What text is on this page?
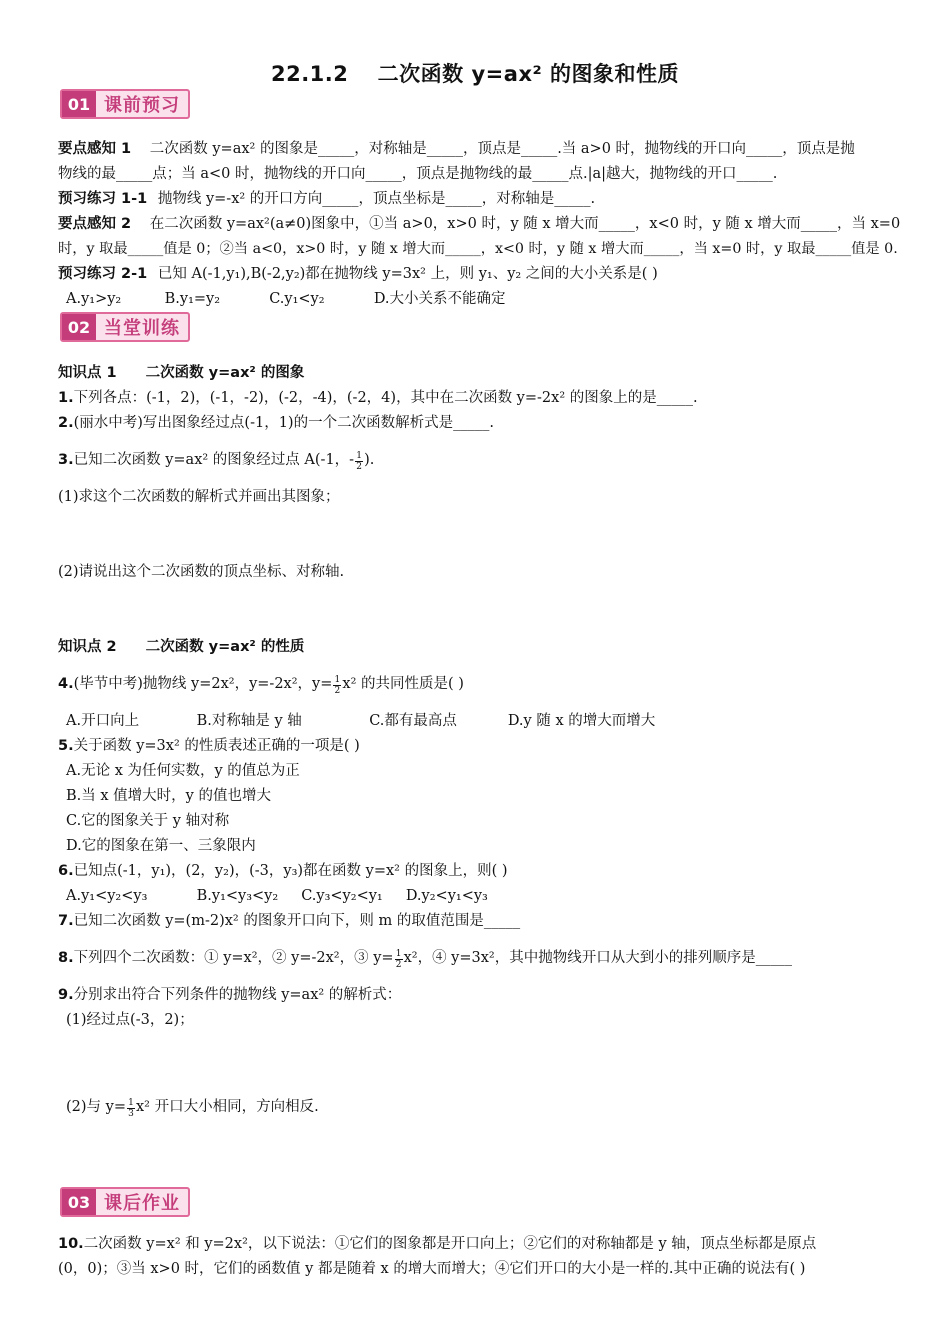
22.1.2　 二次函数 y=ax² 的图象和性质
01 课前预习
要点感知 1 二次函数 y=ax² 的图象是_____，对称轴是_____，顶点是_____.当 a>0 时，抛物线的开口向_____，顶点是抛
物线的最_____点；当 a<0 时，抛物线的开口向_____，顶点是抛物线的最_____点.|a|越大，抛物线的开口_____.
预习练习 1-1 抛物线 y=-x² 的开口方向_____，顶点坐标是_____，对称轴是_____.
要点感知 2 在二次函数 y=ax²(a≠0)图象中，①当 a>0，x>0 时，y 随 x 增大而_____，x<0 时，y 随 x 增大而_____，当 x=0
时，y 取最_____值是 0；②当 a<0，x>0 时，y 随 x 增大而_____，x<0 时，y 随 x 增大而_____，当 x=0 时，y 取最_____值是 0.
预习练习 2-1 已知 A(-1,y₁),B(-2,y₂)都在抛物线 y=3x² 上，则 y₁、y₂ 之间的大小关系是( )
A.y₁>y₂	B.y₁=y₂	C.y₁<y₂	D.大小关系不能确定
02 当堂训练
知识点 1　　二次函数 y=ax² 的图象
1.下列各点：(-1，2)，(-1，-2)，(-2，-4)，(-2，4)，其中在二次函数 y=-2x² 的图象上的是_____.
2.(丽水中考)写出图象经过点(-1，1)的一个二次函数解析式是_____.
3.已知二次函数 y=ax² 的图象经过点 A(-1，- $\frac{1}{2}$ ).
(1)求这个二次函数的解析式并画出其图象；
(2)请说出这个二次函数的顶点坐标、对称轴.
知识点 2　　二次函数 y=ax² 的性质
4.(毕节中考)抛物线 y=2x²，y=-2x²，$y= \frac{1}{2} x^2$ 的共同性质是( )
A.开口向上	B.对称轴是 y 轴	C.都有最高点	D.y 随 x 的增大而增大
5.关于函数 y=3x² 的性质表述正确的一项是( )
A.无论 x 为任何实数，y 的值总为正
B.当 x 值增大时，y 的值也增大
C.它的图象关于 y 轴对称
D.它的图象在第一、三象限内
6.已知点(-1，y₁)，(2，y₂)，(-3，y₃)都在函数 y=x² 的图象上，则( )
A.y₁<y₂<y₃	B.y₁<y₃<y₂ C.y₃<y₂<y₁ D.y₂<y₁<y₃
7.已知二次函数 y=(m-2)x² 的图象开口向下，则 m 的取值范围是_____
8.下列四个二次函数：① y=x²，② y=-2x²，③ $y= \frac{1}{2} x^2$，④ y=3x²，其中抛物线开口从大到小的排列顺序是_____
9.分别求出符合下列条件的抛物线 y=ax² 的解析式：
(1)经过点(-3，2)；
(2)与 $y= \frac{1}{3} x^2$ 开口大小相同，方向相反.
03 课后作业
10.二次函数 y=x² 和 y=2x²，以下说法：①它们的图象都是开口向上；②它们的对称轴都是 y 轴，顶点坐标都是原点
(0，0)；③当 x>0 时，它们的函数值 y 都是随着 x 的增大而增大；④它们开口的大小是一样的.其中正确的说法有( )
